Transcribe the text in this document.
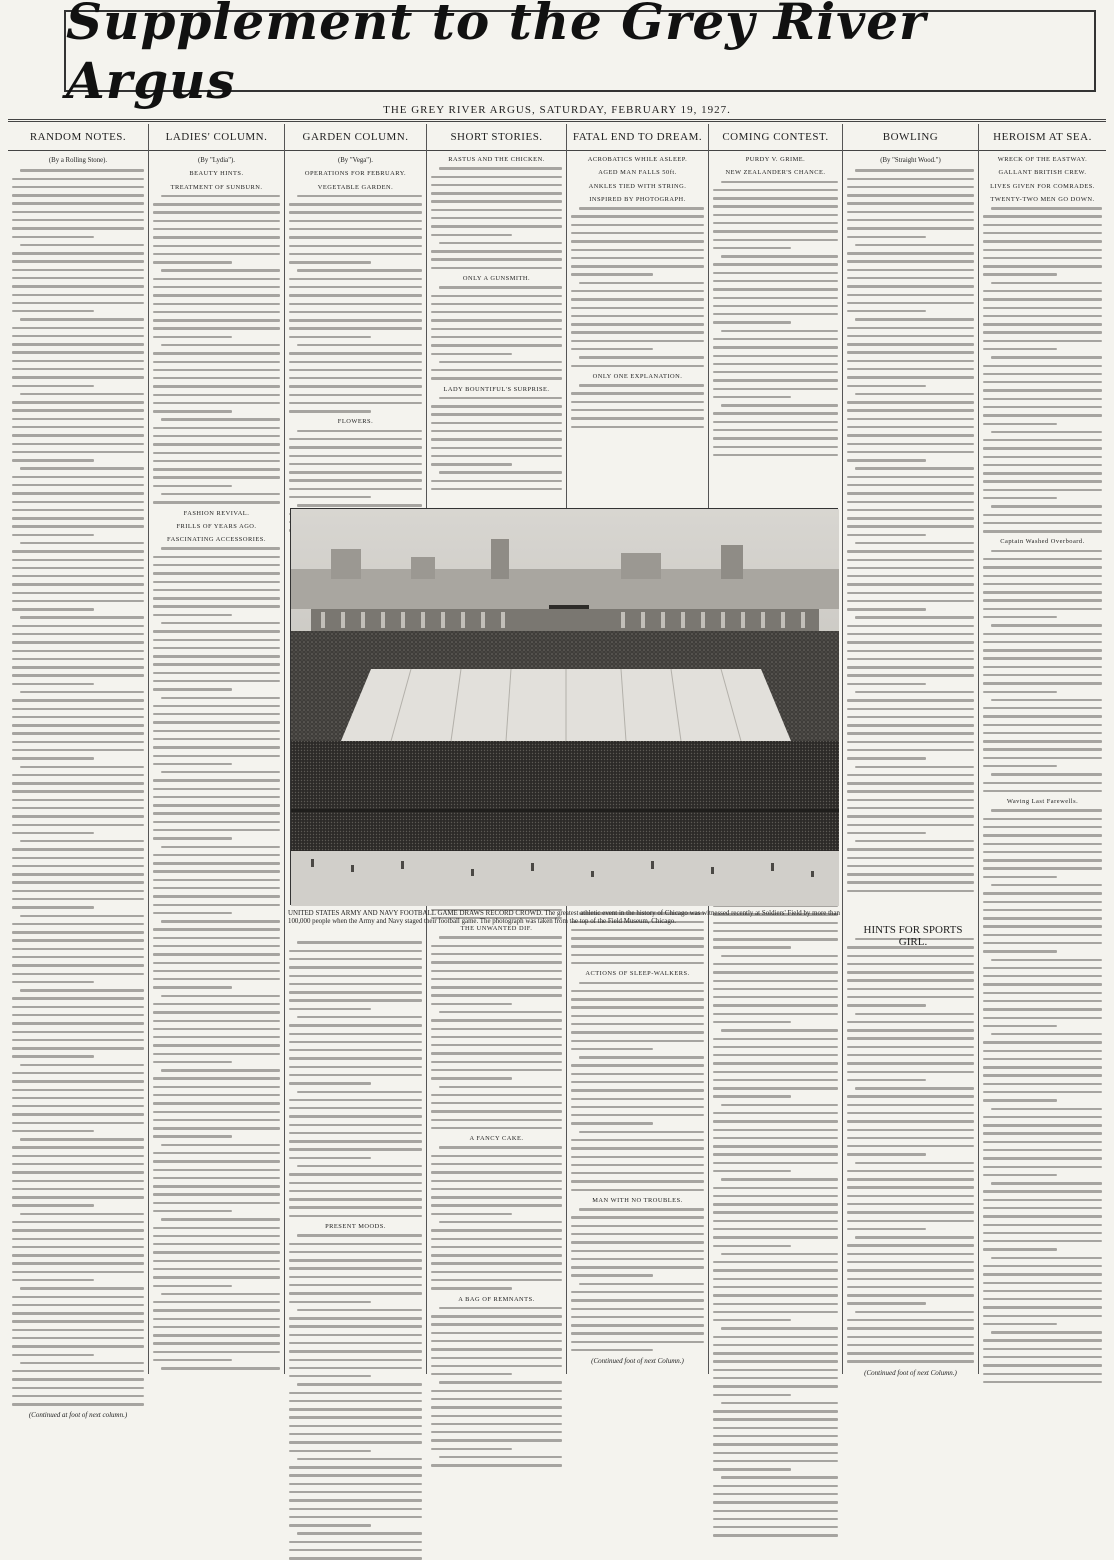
Supplement to the Grey River Argus	THE GREY RIVER ARGUS, SATURDAY, FEBRUARY 19, 1927.
RANDOM NOTES.
(By a Rolling Stone).
(Continued at foot of next column.)
LADIES' COLUMN.
(By "Lydia").
BEAUTY HINTS.
TREATMENT OF SUNBURN.
FASHION REVIVAL.
FRILLS OF YEARS AGO.
FASCINATING ACCESSORIES.
GARDEN COLUMN.
(By "Vega").
OPERATIONS FOR FEBRUARY.
VEGETABLE GARDEN.
FLOWERS.
PRESENT MOODS.
SHORT STORIES.
RASTUS AND THE CHICKEN.
ONLY A GUNSMITH.
LADY BOUNTIFUL'S SURPRISE.
THE UNWANTED DIF.
A FANCY CAKE.
A BAG OF REMNANTS.
FATAL END TO DREAM.
ACROBATICS WHILE ASLEEP.
AGED MAN FALLS 50ft.
ANKLES TIED WITH STRING.
INSPIRED BY PHOTOGRAPH.
ONLY ONE EXPLANATION.
ACTIONS OF SLEEP-WALKERS.
MAN WITH NO TROUBLES.
(Continued foot of next Column.)
COMING CONTEST.
PURDY V. GRIME.
NEW ZEALANDER'S CHANCE.
BOWLING
(By "Straight Wood.")
(Continued foot of next Column.)
HEROISM AT SEA.
WRECK OF THE EASTWAY.
GALLANT BRITISH CREW.
LIVES GIVEN FOR COMRADES.
TWENTY-TWO MEN GO DOWN.
Captain Washed Overboard.
Waving Last Farewells.
UNITED STATES ARMY AND NAVY FOOTBALL GAME DRAWS RECORD CROWD. The greatest athletic event in the history of Chicago was witnessed recently at Soldiers' Field by more than 100,000 people when the Army and Navy staged their football game. The photograph was taken from the top of the Field Museum, Chicago.
HINTS FOR SPORTS GIRL.
